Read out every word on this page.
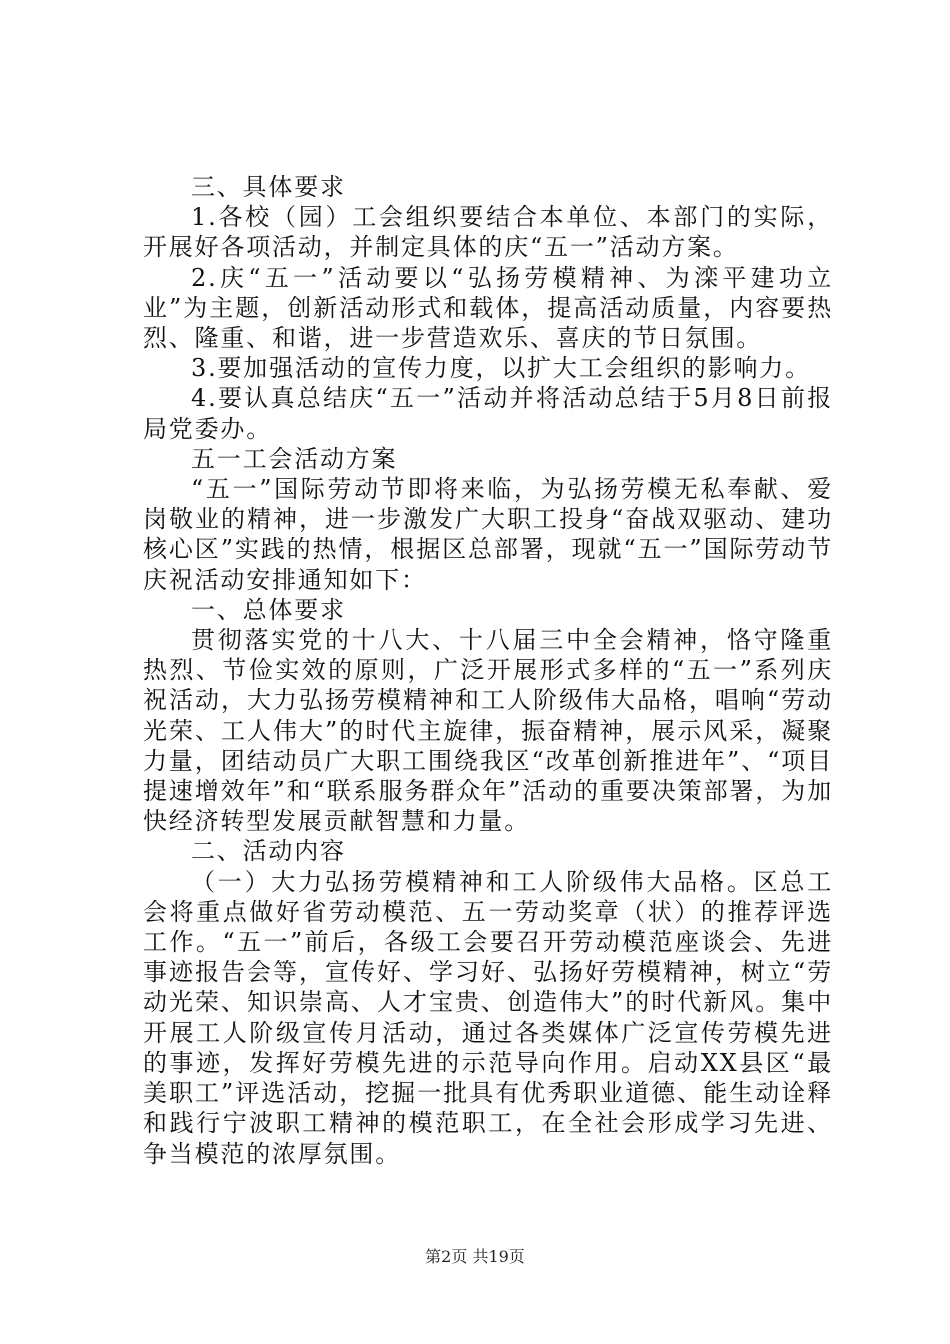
三、具体要求

1.各校（园）工会组织要结合本单位、本部门的实际，开展好各项活动，并制定具体的庆“五一”活动方案。

2.庆“五一”活动要以“弘扬劳模精神、为滦平建功立业”为主题，创新活动形式和载体，提高活动质量，内容要热烈、隆重、和谐，进一步营造欢乐、喜庆的节日氛围。

3.要加强活动的宣传力度，以扩大工会组织的影响力。

4.要认真总结庆“五一”活动并将活动总结于5月8日前报局党委办。

五一工会活动方案

“五一”国际劳动节即将来临，为弘扬劳模无私奉献、爱岗敬业的精神，进一步激发广大职工投身“奋战双驱动、建功核心区”实践的热情，根据区总部署，现就“五一”国际劳动节庆祝活动安排通知如下：

一、总体要求

贯彻落实党的十八大、十八届三中全会精神，恪守隆重热烈、节俭实效的原则，广泛开展形式多样的“五一”系列庆祝活动，大力弘扬劳模精神和工人阶级伟大品格，唱响“劳动光荣、工人伟大”的时代主旋律，振奋精神，展示风采，凝聚力量，团结动员广大职工围绕我区“改革创新推进年”、“项目提速增效年”和“联系服务群众年”活动的重要决策部署，为加快经济转型发展贡献智慧和力量。

二、活动内容

（一）大力弘扬劳模精神和工人阶级伟大品格。区总工会将重点做好省劳动模范、五一劳动奖章（状）的推荐评选工作。“五一”前后，各级工会要召开劳动模范座谈会、先进事迹报告会等，宣传好、学习好、弘扬好劳模精神，树立“劳动光荣、知识崇高、人才宝贵、创造伟大”的时代新风。集中开展工人阶级宣传月活动，通过各类媒体广泛宣传劳模先进的事迹，发挥好劳模先进的示范导向作用。启动XX县区“最美职工”评选活动，挖掘一批具有优秀职业道德、能生动诠释和践行宁波职工精神的模范职工，在全社会形成学习先进、争当模范的浓厚氛围。

第2页 共19页
